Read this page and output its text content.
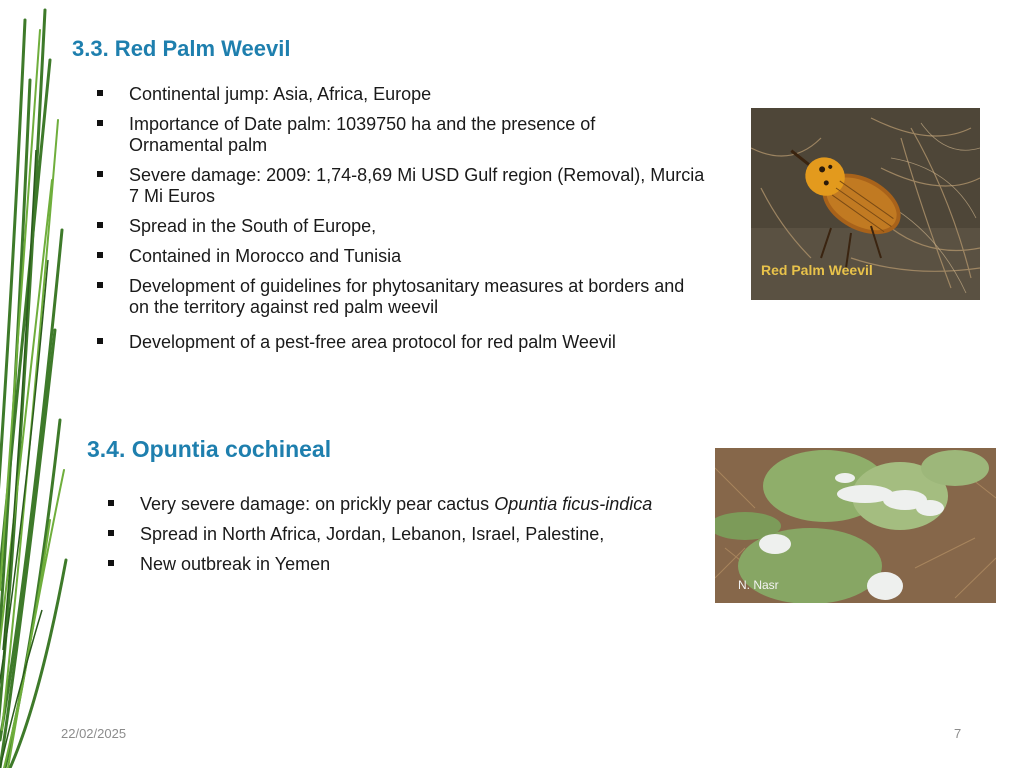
3.3. Red Palm Weevil
Continental jump: Asia, Africa, Europe
Importance of Date palm: 1039750 ha and the presence of Ornamental palm
Severe damage: 2009: 1,74-8,69 Mi USD Gulf region (Removal), Murcia 7 Mi Euros
Spread in the South of Europe,
Contained in Morocco and Tunisia
Development of guidelines for phytosanitary measures at borders and on the territory against red palm weevil
Development of a pest-free area protocol for red palm Weevil
Red Palm Weevil
3.4. Opuntia cochineal
Very severe damage: on prickly pear cactus Opuntia ficus-indica
Spread in North Africa, Jordan, Lebanon, Israel, Palestine,
New outbreak in Yemen
N. Nasr
22/02/2025	7
